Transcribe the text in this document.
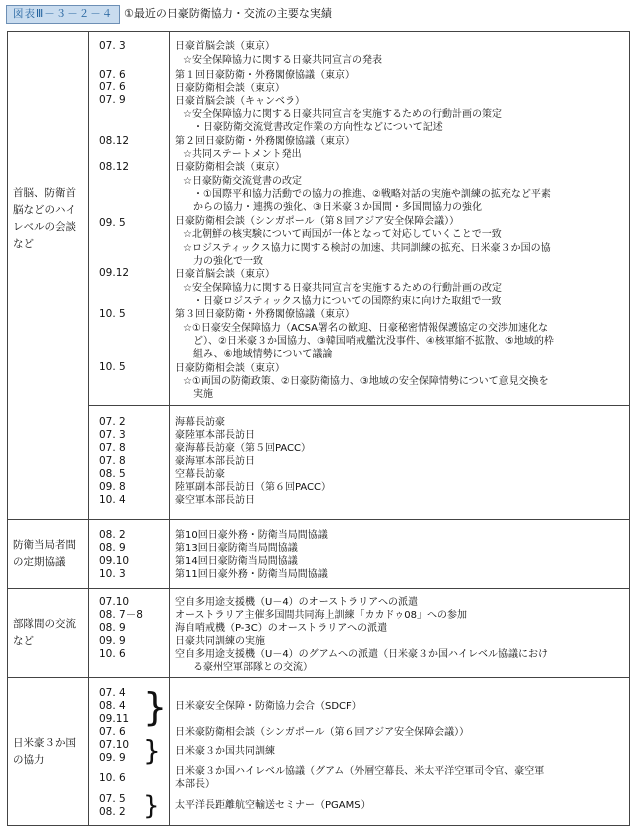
図表Ⅲ－３－２－４ ①最近の日豪防衛協力・交流の主要な実績
首脳、防衛首脳などのハイレベルの会談など
07. 3
07. 6
07. 6
07. 9
08.12
08.12
09. 5
09.12
10. 5
10. 5
日豪首脳会談（東京）
☆安全保障協力に関する日豪共同宣言の発表
第１回日豪防衛・外務閣僚協議（東京）
日豪防衛相会談（東京）
日豪首脳会談（キャンベラ）
☆安全保障協力に関する日豪共同宣言を実施するための行動計画の策定
・日豪防衛交流覚書改定作業の方向性などについて記述
第２回日豪防衛・外務閣僚協議（東京）
☆共同ステートメント発出
日豪防衛相会談（東京）
☆日豪防衛交流覚書の改定
・①国際平和協力活動での協力の推進、②戦略対話の実施や訓練の拡充など平素
からの協力・連携の強化、③日米豪３か国間・多国間協力の強化
日豪防衛相会談（シンガポール（第８回アジア安全保障会議））
☆北朝鮮の核実験について両国が一体となって対応していくことで一致
☆ロジスティックス協力に関する検討の加速、共同訓練の拡充、日米豪３か国の協
力の強化で一致
日豪首脳会談（東京）
☆安全保障協力に関する日豪共同宣言を実施するための行動計画の改定
・日豪ロジスティックス協力についての国際約束に向けた取組で一致
第３回日豪防衛・外務閣僚協議（東京）
☆①日豪安全保障協力（ACSA署名の歓迎、日豪秘密情報保護協定の交渉加速化な
ど）、②日米豪３か国協力、③韓国哨戒艦沈没事件、④核軍縮不拡散、⑤地域的枠
組み、⑥地域情勢について議論
日豪防衛相会談（東京）
☆①両国の防衛政策、②日豪防衛協力、③地域の安全保障情勢について意見交換を
実施
07. 2
07. 3
07. 8
07. 8
08. 5
09. 8
10. 4
海幕長訪豪
豪陸軍本部長訪日
豪海幕長訪豪（第５回PACC）
豪海軍本部長訪日
空幕長訪豪
陸軍副本部長訪日（第６回PACC）
豪空軍本部長訪日
防衛当局者間の定期協議
08. 2
08. 9
09.10
10. 3
第10回日豪外務・防衛当局間協議
第13回日豪防衛当局間協議
第14回日豪防衛当局間協議
第11回日豪外務・防衛当局間協議
部隊間の交流など
07.10
08. 7－8
08. 9
09. 9
10. 6
空自多用途支援機（U－4）のオーストラリアへの派遣
オーストラリア主催多国間共同海上訓練「カカドゥ08」への参加
海自哨戒機（P-3C）のオーストラリアへの派遣
日豪共同訓練の実施
空自多用途支援機（U－4）のグアムへの派遣（日米豪３か国ハイレベル協議におけ
る豪州空軍部隊との交流）
日米豪３か国の協力
07. 4
08. 4
09.11
07. 6
07.10
09. 9
10. 6
07. 5
08. 2
}
}
}
日米豪安全保障・防衛協力会合（SDCF）
日米豪防衛相会談（シンガポール（第６回アジア安全保障会議））
日米豪３か国共同訓練
日米豪３か国ハイレベル協議（グアム（外層空幕長、米太平洋空軍司令官、豪空軍
本部長）
太平洋長距離航空輸送セミナー（PGAMS）
